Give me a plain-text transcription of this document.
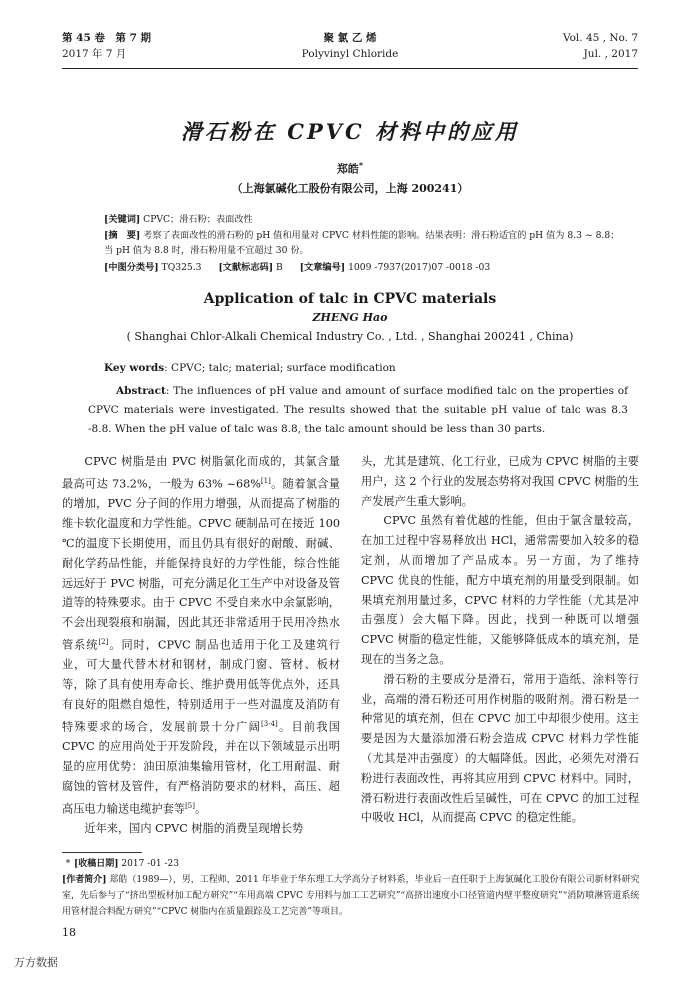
第 45 卷　第 7 期
2017 年 7 月
聚 氯 乙 烯
Polyvinyl Chloride
Vol. 45 , No. 7
Jul. , 2017
滑石粉在 CPVC 材料中的应用
郑皓*
（上海氯碱化工股份有限公司，上海 200241）
[关键词] CPVC；滑石粉；表面改性
[摘　要] 考察了表面改性的滑石粉的 pH 值和用量对 CPVC 材料性能的影响。结果表明：滑石粉适宜的 pH 值为 8.3 ~ 8.8；当 pH 值为 8.8 时，滑石粉用量不宜超过 30 份。
[中图分类号] TQ325.3 [文献标志码] B [文章编号] 1009 -7937(2017)07 -0018 -03
Application of talc in CPVC materials
ZHENG Hao
( Shanghai Chlor-Alkali Chemical Industry Co. , Ltd. , Shanghai 200241 , China)
Key words: CPVC; talc; material; surface modification
Abstract: The influences of pH value and amount of surface modified talc on the properties of CPVC materials were investigated. The results showed that the suitable pH value of talc was 8.3 -8.8. When the pH value of talc was 8.8, the talc amount should be less than 30 parts.

CPVC 树脂是由 PVC 树脂氯化而成的，其氯含量最高可达 73.2%，一般为 63% ~68%[1]。随着氯含量的增加，PVC 分子间的作用力增强，从而提高了树脂的维卡软化温度和力学性能。CPVC 硬制品可在接近 100 ℃的温度下长期使用，而且仍具有很好的耐酸、耐碱、耐化学药品性能，并能保持良好的力学性能，综合性能远远好于 PVC 树脂，可充分满足化工生产中对设备及管道等的特殊要求。由于 CPVC 不受自来水中余氯影响，不会出现裂痕和崩漏，因此其还非常适用于民用冷热水管系统[2]。同时，CPVC 制品也适用于化工及建筑行业，可大量代替木材和钢材，制成门窗、管材、板材等，除了具有使用寿命长、维护费用低等优点外，还具有良好的阻燃自熄性，特别适用于一些对温度及消防有特殊要求的场合，发展前景十分广阔[3-4]。目前我国 CPVC 的应用尚处于开发阶段，并在以下领域显示出明显的应用优势：油田原油集输用管材，化工用耐温、耐腐蚀的管材及管件，有严格消防要求的材料，高压、超高压电力输送电缆护套等[5]。

近年来，国内 CPVC 树脂的消费呈现增长势

头，尤其是建筑、化工行业，已成为 CPVC 树脂的主要用户，这 2 个行业的发展态势将对我国 CPVC 树脂的生产发展产生重大影响。

CPVC 虽然有着优越的性能，但由于氯含量较高，在加工过程中容易释放出 HCl，通常需要加入较多的稳定剂，从而增加了产品成本。另一方面，为了维持 CPVC 优良的性能，配方中填充剂的用量受到限制。如果填充剂用量过多，CPVC 材料的力学性能（尤其是冲击强度）会大幅下降。因此，找到一种既可以增强 CPVC 树脂的稳定性能，又能够降低成本的填充剂，是现在的当务之急。

滑石粉的主要成分是滑石，常用于造纸、涂料等行业，高端的滑石粉还可用作树脂的吸附剂。滑石粉是一种常见的填充剂，但在 CPVC 加工中却很少使用。这主要是因为大量添加滑石粉会造成 CPVC 材料力学性能（尤其是冲击强度）的大幅降低。因此，必须先对滑石粉进行表面改性，再将其应用到 CPVC 材料中。同时，滑石粉进行表面改性后呈碱性，可在 CPVC 的加工过程中吸收 HCl，从而提高 CPVC 的稳定性能。

* [收稿日期] 2017 -01 -23
[作者简介] 郑皓（1989—），男，工程师，2011 年毕业于华东理工大学高分子材料系，毕业后一直任职于上海氯碱化工股份有限公司新材料研究室，先后参与了“挤出型板材加工配方研究”“车用高端 CPVC 专用料与加工工艺研究”“高挤出速度小口径管道内壁平整度研究”“消防喷淋管道系统用管材混合料配方研究”“CPVC 树脂内在质量跟踪及工艺完善”等项目。
18
万方数据
